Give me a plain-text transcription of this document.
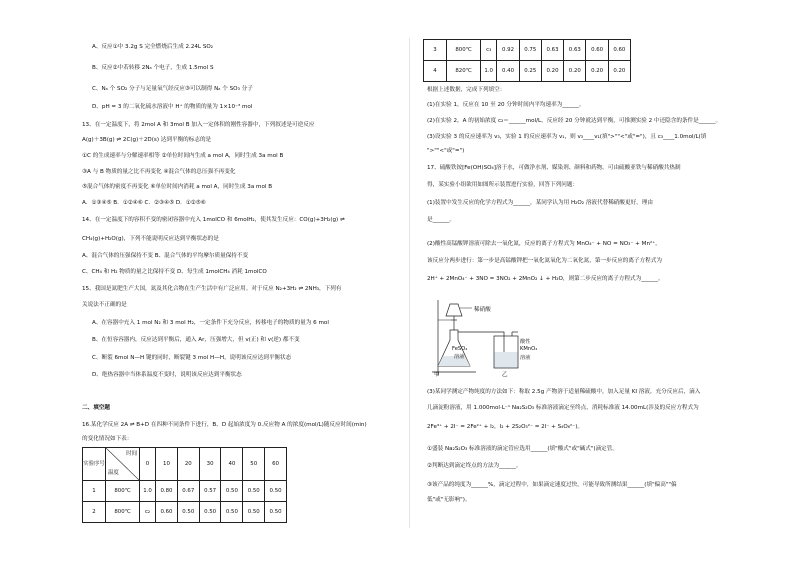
A、反应①中 3.2g S 完全燃烧后生成 2.24L SO₂
B、反应②中若转移 2Nₐ 个电子，生成 1.5mol S
C、Nₐ 个 SO₂ 分子与足量氧气经反应③可以制得 Nₐ 个 SO₃ 分子
D、pH = 3 的二氧化硫水溶液中 H⁺ 的物质的量为 1×10⁻³ mol
13、在一定温度下，将 2mol A 和 3mol B 加入一定体积的刚性容器中，下列叙述是可逆反应
A(g)＋3B(g) ⇌ 2C(g)＋2D(s) 达到平衡的标志的是
①C 的生成速率与分解速率相等 ②单位时间内生成 a mol A，同时生成 3a mol B
③A 与 B 物质的量之比不再变化 ④混合气体的总压强不再变化
⑤混合气体的密度不再变化 ⑥单位时间内消耗 a mol A，同时生成 3a mol B
A．①③④⑤ B．①②④⑥ C．②③④⑤ D．①②⑤⑥
14、在一定温度下的容积不变的密闭容器中充入 1molCO 和 6molH₂，使其发生反应：CO(g)+3H₂(g) ⇌
CH₄(g)+H₂O(g)，下列不能说明反应达到平衡状态的是
A、混合气体的压强保持不变 B、混合气体的平均摩尔质量保持不变
C、CH₄ 和 H₂ 物质的量之比保持不变 D、每生成 1molCH₄ 消耗 1molCO
15、我国是氮肥生产大国，氮及其化合物在生产生活中有广泛应用。对于反应 N₂+3H₂ ⇌ 2NH₃，下列有
关说法不正确的是
A、在容器中充入 1 mol N₂ 和 3 mol H₂，一定条件下充分反应，转移电子的物质的量为 6 mol
B、在恒容容器内，反应达到平衡后，通入 Ar，压强增大，但 v(正) 和 v(逆) 都不变
C、断裂 6mol N—H 键的同时，断裂键 3 mol H—H，说明该反应达到平衡状态
D、绝热容器中当体系温度不变时，说明该反应达到平衡状态
二、填空题
16.某化学反应 2A ⇌ B+D 在四种不同条件下进行，B、D 起始浓度为 0.反应物 A 的浓度(mol/L)随反应时间(min)
的变化情况如下表：
实验序号	时间
温度	0	10	20	30	40	50	60
1	800℃	1.0	0.80	0.67	0.57	0.50	0.50	0.50
2	800℃	c₂	0.60	0.50	0.50	0.50	0.50	0.50
3	800℃	c₃	0.92	0.75	0.63	0.63	0.60	0.60
4	820℃	1.0	0.40	0.25	0.20	0.20	0.20	0.20
根据上述数据，完成下列填空：
(1)在实验 1，反应在 10 至 20 分钟时间内平均速率为______。
(2)在实验 2，A 的初始浓度 c₂＝______mol/L，反应经 20 分钟就达到平衡，可推测实验 2 中还隐含的条件是______。
(3)设实验 3 的反应速率为 v₃，实验 1 的反应速率为 v₁，则 v₃____v₁(填">""<"或"=")，且 c₃____1.0mol/L(填
">""<"或"=")
17、硫酸铁铵[Fe(OH)SO₄]溶于水，可做净水剂、媒染剂、颜料和药物。可由硫酸亚铁与稀硝酸共热制
得，某实验小组欲用如图所示装置进行实验，回答下列问题：
(1)装置中发生反应的化学方程式为______，某同学认为用 H₂O₂ 溶液代替稀硝酸更好，理由
是______。
(2)酸性高锰酸钾溶液可除去一氧化氮，反应的离子方程式为 MnO₄⁻ + NO = NO₃⁻ + Mn²⁺，
该反应分两步进行：第一步是高锰酸钾把一氧化氮氧化为二氧化氮，第一步反应的离子方程式为
2H⁺ + 2MnO₄⁻ + 3NO = 3NO₂ + 2MnO₂ ↓ + H₂O，则第二步反应的离子方程式为______。
(3)某同学测定产物纯度的方法如下：称取 2.5g 产物溶于适量稀硫酸中，加入足量 KI 溶液，充分反应后，滴入
几滴淀粉溶液，用 1.000mol·L⁻¹ Na₂S₂O₃ 标准溶液滴定至终点，消耗标准液 14.00mL(涉及的反应方程式为
2Fe³⁺ + 2I⁻ = 2Fe²⁺ + I₂，I₂ + 2S₂O₃²⁻ = 2I⁻ + S₄O₆²⁻)。
①盛装 Na₂S₂O₃ 标准溶液的滴定管应选用______(填"酸式"或"碱式")滴定管。
②判断达到滴定终点的方法为______。
③该产品的纯度为______%，滴定过程中，如果滴定速度过快，可能导致所测结果______(填"偏高""偏
低"或"无影响")。
稀硝酸
FeSO₄
溶液
酸性
KMnO₄
溶液
甲	乙
